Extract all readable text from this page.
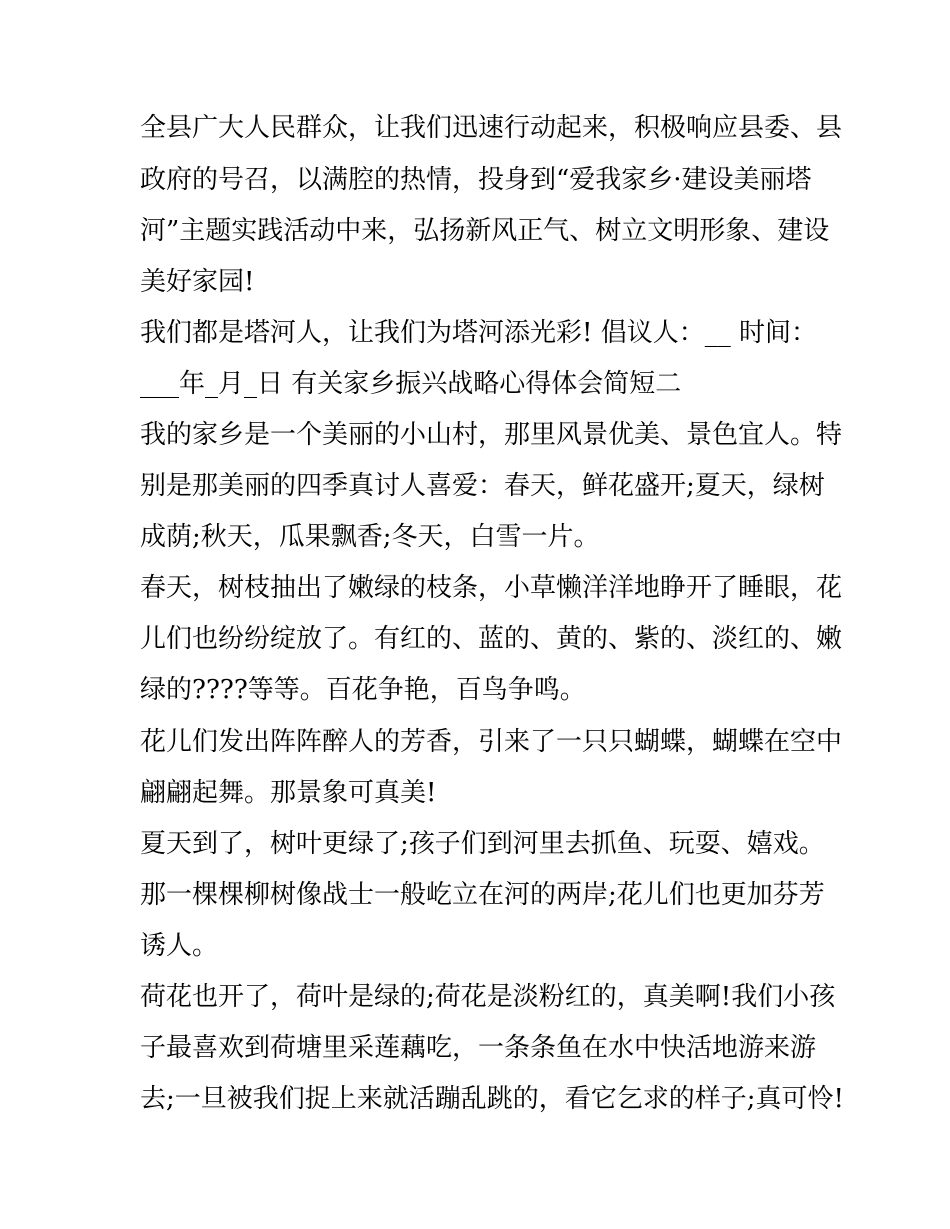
全县广大人民群众，让我们迅速行动起来，积极响应县委、县

政府的号召，以满腔的热情，投身到“爱我家乡·建设美丽塔

河”主题实践活动中来，弘扬新风正气、树立文明形象、建设

美好家园!

我们都是塔河人，让我们为塔河添光彩! 倡议人：__ 时间：

___年_月_日 有关家乡振兴战略心得体会简短二

我的家乡是一个美丽的小山村，那里风景优美、景色宜人。特

别是那美丽的四季真讨人喜爱：春天，鲜花盛开;夏天，绿树

成荫;秋天，瓜果飘香;冬天，白雪一片。

春天，树枝抽出了嫩绿的枝条，小草懒洋洋地睁开了睡眼，花

儿们也纷纷绽放了。有红的、蓝的、黄的、紫的、淡红的、嫩

绿的????等等。百花争艳，百鸟争鸣。

花儿们发出阵阵醉人的芳香，引来了一只只蝴蝶，蝴蝶在空中

翩翩起舞。那景象可真美!

夏天到了，树叶更绿了;孩子们到河里去抓鱼、玩耍、嬉戏。

那一棵棵柳树像战士一般屹立在河的两岸;花儿们也更加芬芳

诱人。

荷花也开了，荷叶是绿的;荷花是淡粉红的，真美啊!我们小孩

子最喜欢到荷塘里采莲藕吃，一条条鱼在水中快活地游来游

去;一旦被我们捉上来就活蹦乱跳的，看它乞求的样子;真可怜!
